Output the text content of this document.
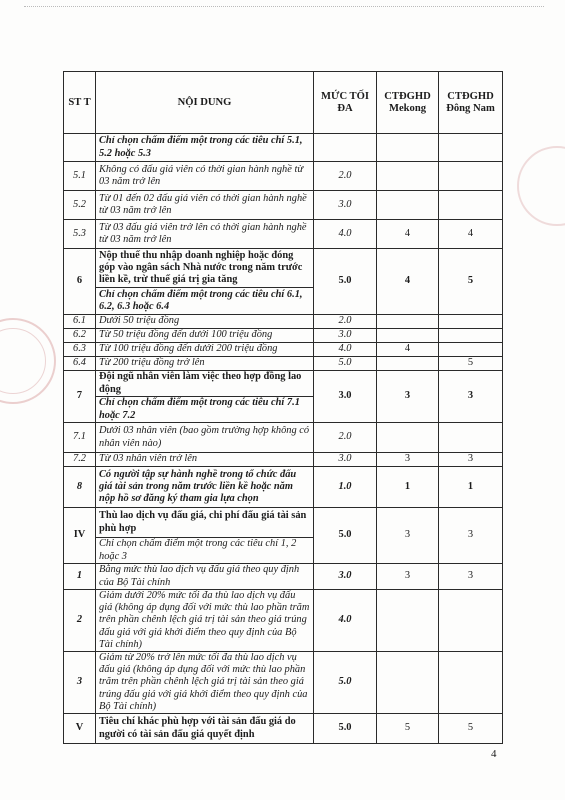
ST T	NỘI DUNG	MỨC TỐI ĐA	CTĐGHD Mekong	CTĐGHD Đông Nam
	Chỉ chọn chấm điểm một trong các tiêu chí 5.1, 5.2 hoặc 5.3			
5.1	Không có đấu giá viên có thời gian hành nghề từ 03 năm trở lên	2.0		
5.2	Từ 01 đến 02 đấu giá viên có thời gian hành nghề từ 03 năm trở lên	3.0		
5.3	Từ 03 đấu giá viên trở lên có thời gian hành nghề từ 03 năm trở lên	4.0	4	4
6	Nộp thuế thu nhập doanh nghiệp hoặc đóng góp vào ngân sách Nhà nước trong năm trước liền kề, trừ thuế giá trị gia tăng	5.0	4	5
	Chỉ chọn chấm điểm một trong các tiêu chí 6.1, 6.2, 6.3 hoặc 6.4			
6.1	Dưới 50 triệu đồng	2.0		
6.2	Từ 50 triệu đồng đến dưới 100 triệu đồng	3.0		
6.3	Từ 100 triệu đồng đến dưới 200 triệu đồng	4.0	4	
6.4	Từ 200 triệu đồng trở lên	5.0		5
7	Đội ngũ nhân viên làm việc theo hợp đồng lao động	3.0	3	3
	Chỉ chọn chấm điểm một trong các tiêu chí 7.1 hoặc 7.2			
7.1	Dưới 03 nhân viên (bao gồm trường hợp không có nhân viên nào)	2.0		
7.2	Từ 03 nhân viên trở lên	3.0	3	3
8	Có người tập sự hành nghề trong tổ chức đấu giá tài sản trong năm trước liền kề hoặc năm nộp hồ sơ đăng ký tham gia lựa chọn	1.0	1	1
IV	Thù lao dịch vụ đấu giá, chi phí đấu giá tài sản phù hợp	5.0	3	3
	Chỉ chọn chấm điểm một trong các tiêu chí 1, 2 hoặc 3			
1	Bằng mức thù lao dịch vụ đấu giá theo quy định của Bộ Tài chính	3.0	3	3
2	Giảm dưới 20% mức tối đa thù lao dịch vụ đấu giá (không áp dụng đối với mức thù lao phần trăm trên phần chênh lệch giá trị tài sản theo giá trúng đấu giá với giá khởi điểm theo quy định của Bộ Tài chính)	4.0		
3	Giảm từ 20% trở lên mức tối đa thù lao dịch vụ đấu giá (không áp dụng đối với mức thù lao phần trăm trên phần chênh lệch giá trị tài sản theo giá trúng đấu giá với giá khởi điểm theo quy định của Bộ Tài chính)	5.0		
V	Tiêu chí khác phù hợp với tài sản đấu giá do người có tài sản đấu giá quyết định	5.0	5	5
4
